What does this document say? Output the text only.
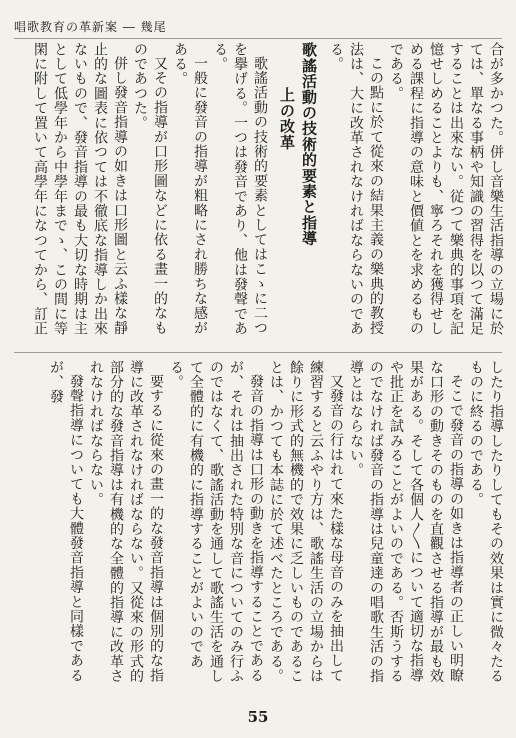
唱歌教育の革新案 ― 幾尾

合が多かつた。併し音樂生活指導の立場に於ては、單なる事柄や知識の習得を以つて滿足することは出來ない。従つて樂典的事項を記憶せしめることよりも、寧ろそれを獲得せしめる課程に指導の意味と價値とを求めるものである。

この點に於て從來の結果主義の樂典的教授法は、大に改革されなければならないのである。

歌謠活動の技術的要素と指導
上の改革

歌謠活動の技術的要素としてはこゝに二つを擧げる。一つは發音であり、他は發聲である。

一般に發音の指導が粗略にされ勝ちな感がある。

又その指導が口形圖などに依る畫一的なものであつた。

併し發音指導の如きは口形圖と云ふ樣な靜止的な圖表に依つては不徹底な指導しか出來ないもので、發音指導の最も大切な時期は主として低學年から中學年までゝ、この間に等閑に附して置いて高學年になつてから、訂正

したり指導したりしてもその效果は實に微々たるものに終るのである。

そこで發音の指導の如きは指導者の正しい明瞭な口形の動きそのものを直觀させる指導が最も效果がある。そして各個人〳〵について適切な指導や批正を試みることがよいのである。否斯うするのでなければ發音の指導は兒童達の唱歌生活の指導とはならない。

又發音の行はれて來た樣な母音のみを抽出して練習すると云ふやり方は、歌謠生活の立場からは餘りに形式的無機的で效果に乏しいものであることは、かつても本誌に於て述べたところである。

發音の指導は口形の動きを指導することであるが、それは抽出された特別な音についてのみ行ふのではなくて、歌謠活動を通して歌謠生活を通して全體的に有機的に指導することがよいのである。

要するに從來の畫一的な發音指導は個別的な指導に改革されなければならない。又從來の形式的部分的な發音指導は有機的な全體的指導に改革されなければならない。

發聲指導についても大體發音指導と同樣であるが、發

55
